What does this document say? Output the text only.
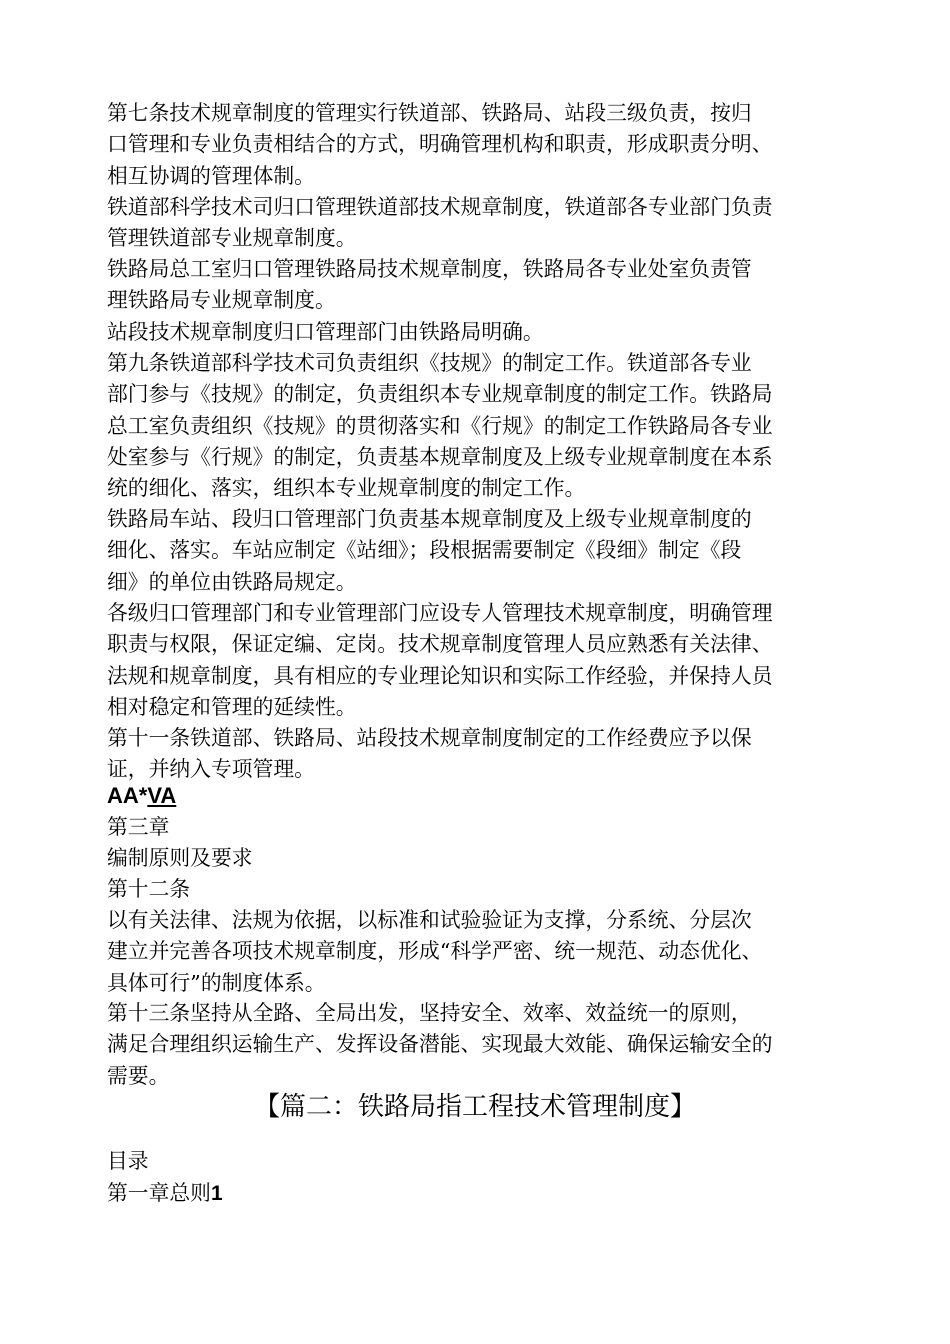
第七条技术规章制度的管理实行铁道部、铁路局、站段三级负责，按归
口管理和专业负责相结合的方式，明确管理机构和职责，形成职责分明、
相互协调的管理体制。
铁道部科学技术司归口管理铁道部技术规章制度，铁道部各专业部门负责
管理铁道部专业规章制度。
铁路局总工室归口管理铁路局技术规章制度，铁路局各专业处室负责管
理铁路局专业规章制度。
站段技术规章制度归口管理部门由铁路局明确。
第九条铁道部科学技术司负责组织《技规》的制定工作。铁道部各专业
部门参与《技规》的制定，负责组织本专业规章制度的制定工作。铁路局
总工室负责组织《技规》的贯彻落实和《行规》的制定工作铁路局各专业
处室参与《行规》的制定，负责基本规章制度及上级专业规章制度在本系
统的细化、落实，组织本专业规章制度的制定工作。
铁路局车站、段归口管理部门负责基本规章制度及上级专业规章制度的
细化、落实。车站应制定《站细》；段根据需要制定《段细》制定《段
细》的单位由铁路局规定。
各级归口管理部门和专业管理部门应设专人管理技术规章制度，明确管理
职责与权限，保证定编、定岗。技术规章制度管理人员应熟悉有关法律、
法规和规章制度，具有相应的专业理论知识和实际工作经验，并保持人员
相对稳定和管理的延续性。
第十一条铁道部、铁路局、站段技术规章制度制定的工作经费应予以保
证，并纳入专项管理。
AA*VA
第三章
编制原则及要求
第十二条
以有关法律、法规为依据，以标准和试验验证为支撑，分系统、分层次
建立并完善各项技术规章制度，形成“科学严密、统一规范、动态优化、
具体可行”的制度体系。
第十三条坚持从全路、全局出发，坚持安全、效率、效益统一的原则，
满足合理组织运输生产、发挥设备潜能、实现最大效能、确保运输安全的
需要。
【篇二：铁路局指工程技术管理制度】
目录
第一章总则1
